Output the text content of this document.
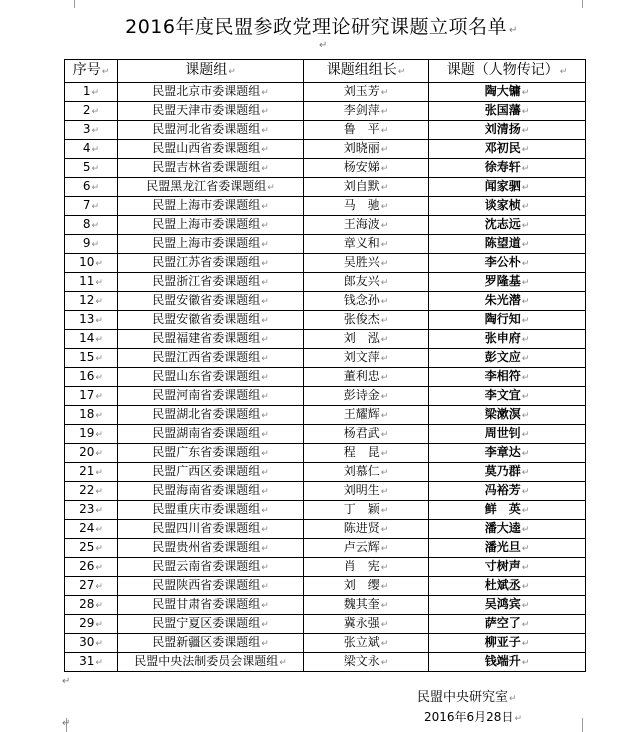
2016年度民盟参政党理论研究课题立项名单 ↵
↵
序号↵	课题组↵	课题组组长↵	课题（人物传记）↵
1↵	民盟北京市委课题组↵	刘玉芳↵	陶大镛↵
2↵	民盟天津市委课题组↵	李剑萍↵	张国藩↵
3↵	民盟河北省委课题组↵	鲁　平↵	刘清扬↵
4↵	民盟山西省委课题组↵	刘晓丽↵	邓初民↵
5↵	民盟吉林省委课题组↵	杨安娣↵	徐寿轩↵
6↵	民盟黑龙江省委课题组↵	刘自默↵	闻家驷↵
7↵	民盟上海市委课题组↵	马　驰↵	谈家桢↵
8↵	民盟上海市委课题组↵	王海波↵	沈志远↵
9↵	民盟上海市委课题组↵	章义和↵	陈望道↵
10↵	民盟江苏省委课题组↵	吴胜兴↵	李公朴↵
11↵	民盟浙江省委课题组↵	郎友兴↵	罗隆基↵
12↵	民盟安徽省委课题组↵	钱念孙↵	朱光潜↵
13↵	民盟安徽省委课题组↵	张俊杰↵	陶行知↵
14↵	民盟福建省委课题组↵	刘　泓↵	张申府↵
15↵	民盟江西省委课题组↵	刘文萍↵	彭文应↵
16↵	民盟山东省委课题组↵	董利忠↵	李相符↵
17↵	民盟河南省委课题组↵	彭诗金↵	李文宜↵
18↵	民盟湖北省委课题组↵	王耀辉↵	梁漱溟↵
19↵	民盟湖南省委课题组↵	杨君武↵	周世钊↵
20↵	民盟广东省委课题组↵	程　昆↵	李章达↵
21↵	民盟广西区委课题组↵	刘慕仁↵	莫乃群↵
22↵	民盟海南省委课题组↵	刘明生↵	冯裕芳↵
23↵	民盟重庆市委课题组↵	丁　颖↵	鲜　英↵
24↵	民盟四川省委课题组↵	陈进贤↵	潘大逵↵
25↵	民盟贵州省委课题组↵	卢云辉↵	潘光旦↵
26↵	民盟云南省委课题组↵	肖　宪↵	寸树声↵
27↵	民盟陕西省委课题组↵	刘　缨↵	杜斌丞↵
28↵	民盟甘肃省委课题组↵	魏其奎↵	吴鸿宾↵
29↵	民盟宁夏区委课题组↵	冀永强↵	萨空了↵
30↵	民盟新疆区委课题组↵	张立斌↵	柳亚子↵
31↵	民盟中央法制委员会课题组↵	梁文永↵	钱端升↵
↵
民盟中央研究室↵
2016年6月28日↵
↵
